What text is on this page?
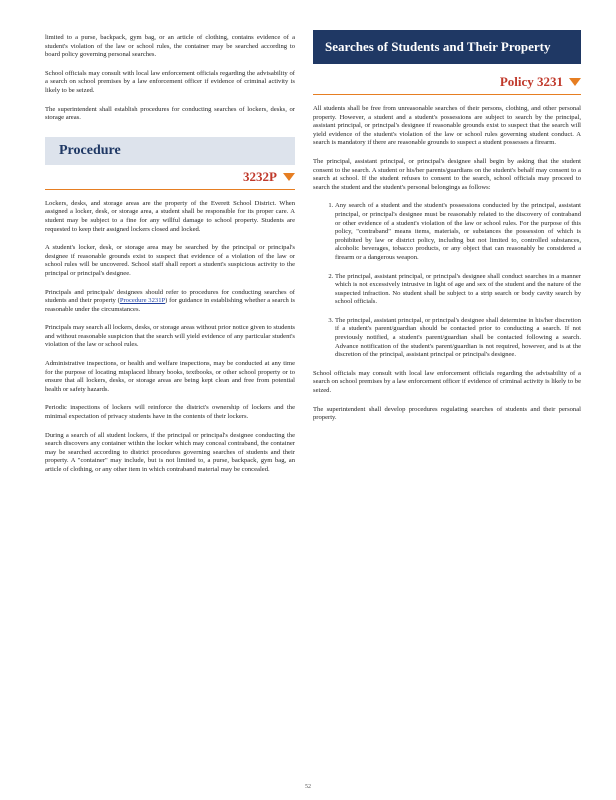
limited to a purse, backpack, gym bag, or an article of clothing, contains evidence of a student's violation of the law or school rules, the container may be searched according to board policy governing personal searches.

School officials may consult with local law enforcement officials regarding the advisability of a search on school premises by a law enforcement officer if evidence of criminal activity is likely to be seized.

The superintendent shall establish procedures for conducting searches of lockers, desks, or storage areas.

Procedure
3232P

Lockers, desks, and storage areas are the property of the Everett School District. When assigned a locker, desk, or storage area, a student shall be responsible for its proper care. A student may be subject to a fine for any willful damage to school property. Students are requested to keep their assigned lockers closed and locked.

A student's locker, desk, or storage area may be searched by the principal or principal's designee if reasonable grounds exist to suspect that evidence of a violation of the law or school rules will be uncovered. School staff shall report a student's suspicious activity to the principal or principal's designee.

Principals and principals' designees should refer to procedures for conducting searches of students and their property (Procedure 3231P) for guidance in establishing whether a search is reasonable under the circumstances.

Principals may search all lockers, desks, or storage areas without prior notice given to students and without reasonable suspicion that the search will yield evidence of any particular student's violation of the law or school rules.

Administrative inspections, or health and welfare inspections, may be conducted at any time for the purpose of locating misplaced library books, textbooks, or other school property or to ensure that all lockers, desks, or storage areas are being kept clean and free from potential health or safety hazards.

Periodic inspections of lockers will reinforce the district's ownership of lockers and the minimal expectation of privacy students have in the contents of their lockers.

During a search of all student lockers, if the principal or principal's designee conducting the search discovers any container within the locker which may conceal contraband, the container may be searched according to district procedures governing searches of students and their property. A "container" may include, but is not limited to, a purse, backpack, gym bag, an article of clothing, or any other item in which contraband material may be concealed.

Searches of Students and Their Property
Policy 3231

All students shall be free from unreasonable searches of their persons, clothing, and other personal property. However, a student and a student's possessions are subject to search by the principal, assistant principal, or principal's designee if reasonable grounds exist to suspect that the search will yield evidence of the student's violation of the law or school rules governing student conduct. A search is mandatory if there are reasonable grounds to suspect a student possesses a firearm.

The principal, assistant principal, or principal's designee shall begin by asking that the student consent to the search. A student or his/her parents/guardians on the student's behalf may consent to a search at school. If the student refuses to consent to the search, school officials may proceed to search the student and the student's personal belongings as follows:

1. Any search of a student and the student's possessions conducted by the principal, assistant principal, or principal's designee must be reasonably related to the discovery of contraband or other evidence of a student's violation of the law or school rules. For the purpose of this policy, "contraband" means items, materials, or substances the possession of which is prohibited by law or district policy, including but not limited to, controlled substances, alcoholic beverages, tobacco products, or any object that can reasonably be considered a firearm or a dangerous weapon.
2. The principal, assistant principal, or principal's designee shall conduct searches in a manner which is not excessively intrusive in light of age and sex of the student and the nature of the suspected infraction. No student shall be subject to a strip search or body cavity search by school officials.
3. The principal, assistant principal, or principal's designee shall determine in his/her discretion if a student's parent/guardian should be contacted prior to conducting a search. If not previously notified, a student's parent/guardian shall be contacted following a search. Advance notification of the student's parent/guardian is not required, however, and is at the discretion of the principal, assistant principal or principal's designee.

School officials may consult with local law enforcement officials regarding the advisability of a search on school premises by a law enforcement officer if evidence of criminal activity is likely to be seized.

The superintendent shall develop procedures regulating searches of students and their personal property.

52
